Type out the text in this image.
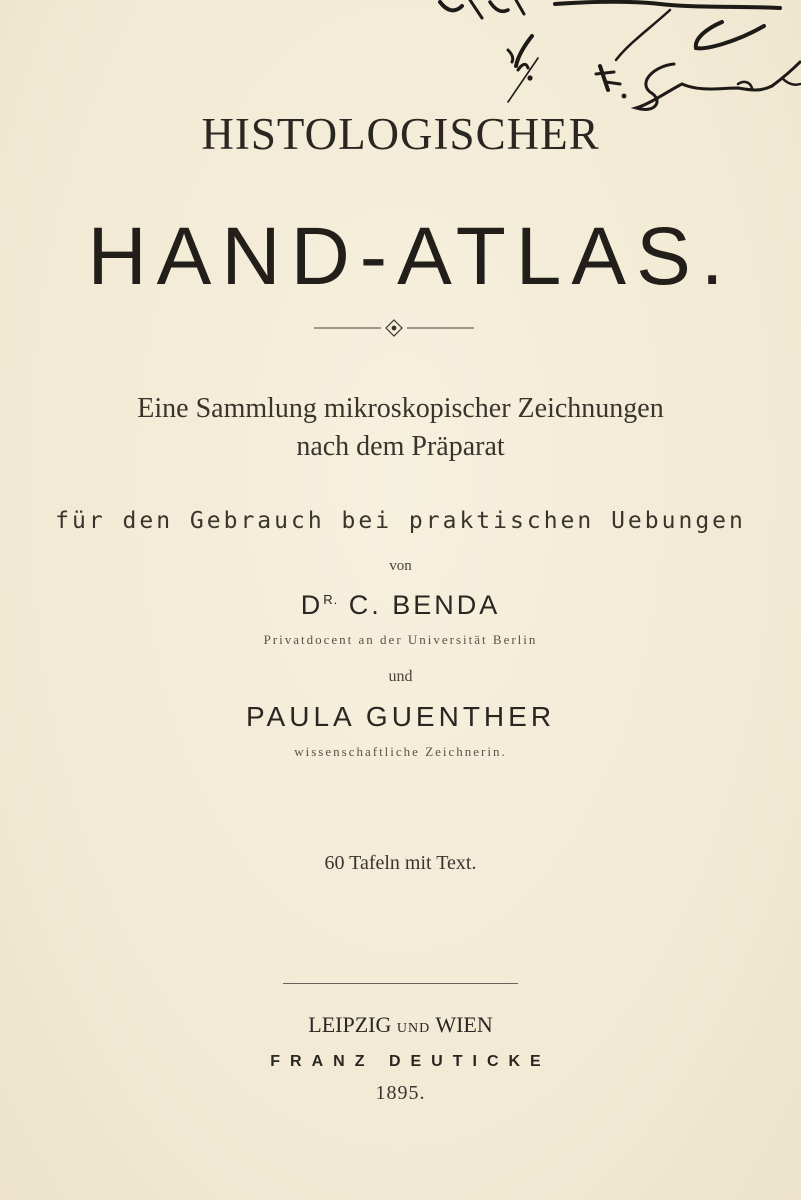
HISTOLOGISCHER
HAND-ATLAS.
Eine Sammlung mikroskopischer Zeichnungen
nach dem Präparat
für den Gebrauch bei praktischen Uebungen
von
$D^{R.}$ C. BENDA
Privatdocent an der Universität Berlin
und
PAULA GUENTHER
wissenschaftliche Zeichnerin.
60 Tafeln mit Text.
LEIPZIG UND WIEN
FRANZ DEUTICKE
1895.
